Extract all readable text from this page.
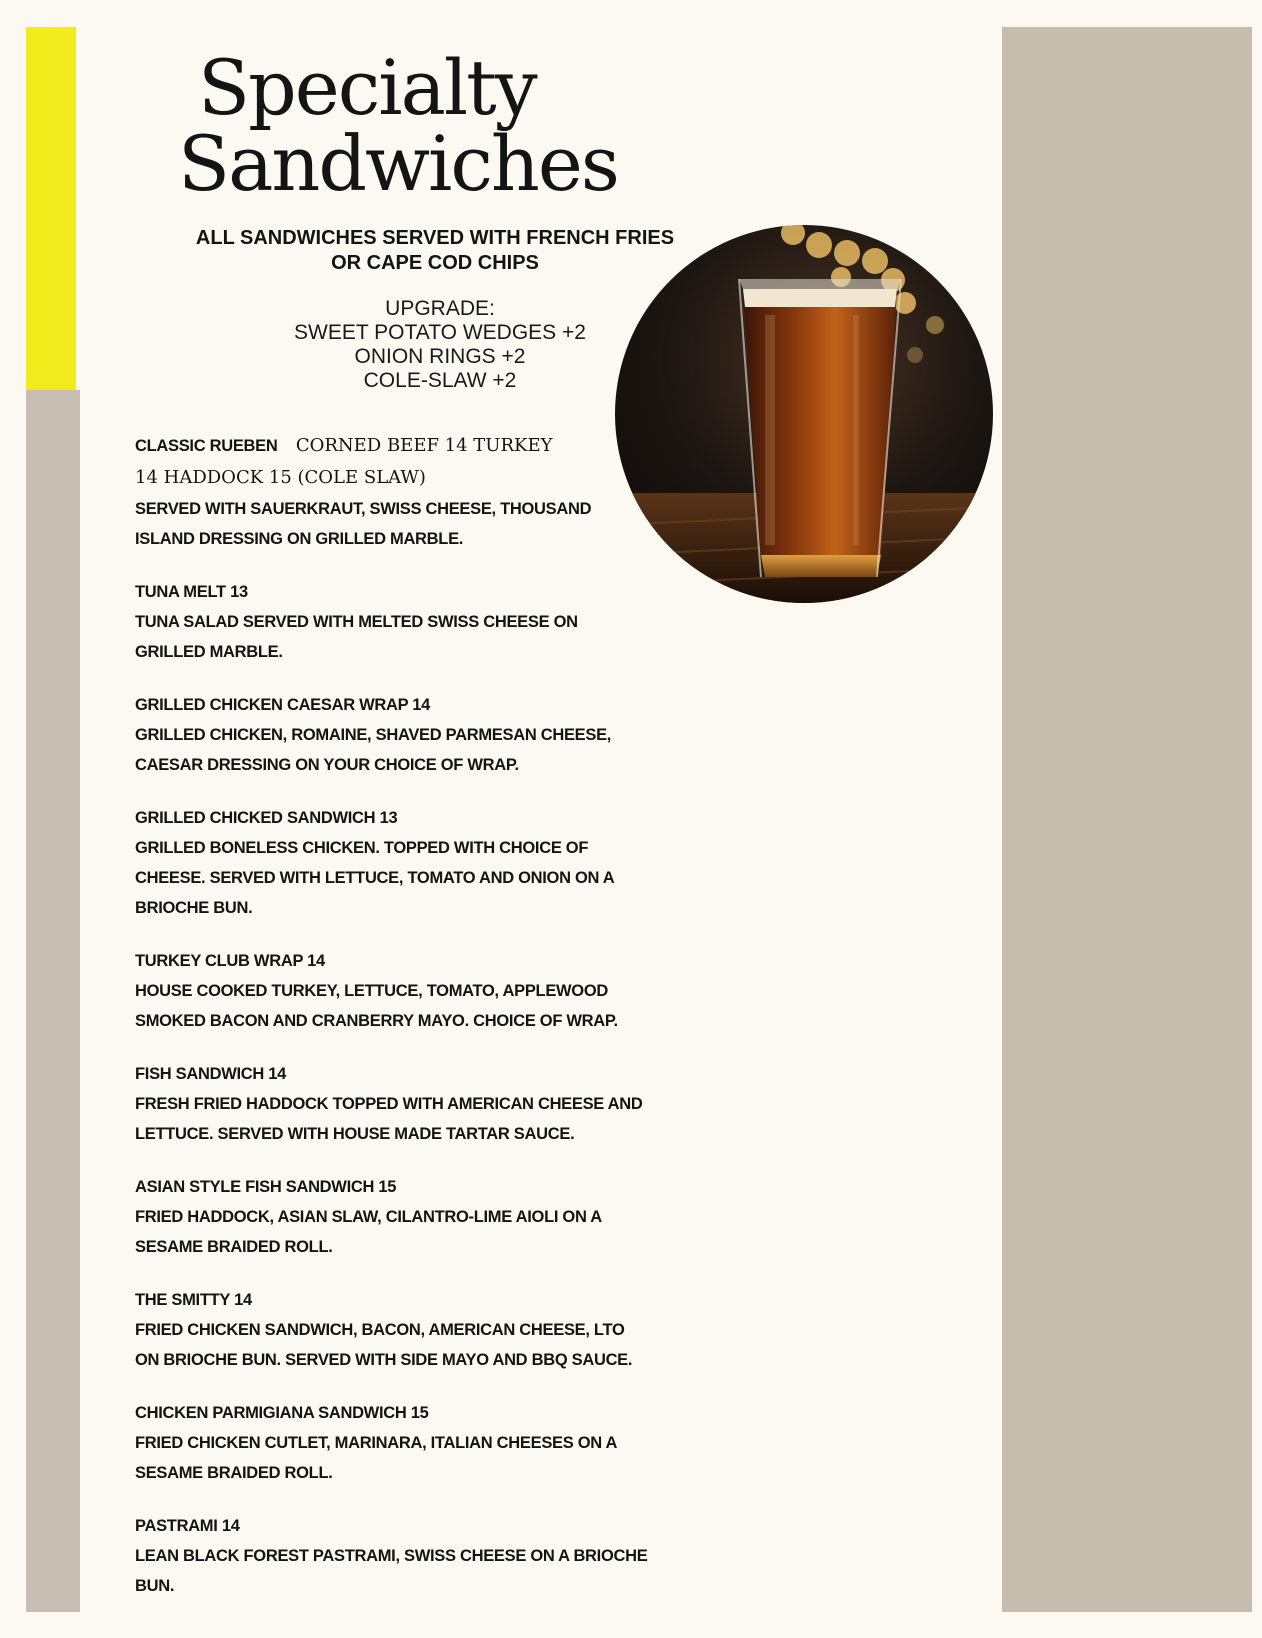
Specialty
Sandwiches
ALL SANDWICHES SERVED WITH FRENCH FRIES
OR CAPE COD CHIPS
UPGRADE:
SWEET POTATO WEDGES +2
ONION RINGS +2
COLE-SLAW +2
CLASSIC RUEBEN CORNED BEEF 14 TURKEY
14 HADDOCK 15 (COLE SLAW)
SERVED WITH SAUERKRAUT, SWISS CHEESE, THOUSAND
ISLAND DRESSING ON GRILLED MARBLE.
TUNA MELT 13
TUNA SALAD SERVED WITH MELTED SWISS CHEESE ON
GRILLED MARBLE.
GRILLED CHICKEN CAESAR WRAP 14
GRILLED CHICKEN, ROMAINE, SHAVED PARMESAN CHEESE,
CAESAR DRESSING ON YOUR CHOICE OF WRAP.
GRILLED CHICKED SANDWICH 13
GRILLED BONELESS CHICKEN. TOPPED WITH CHOICE OF
CHEESE. SERVED WITH LETTUCE, TOMATO AND ONION ON A
BRIOCHE BUN.
TURKEY CLUB WRAP 14
HOUSE COOKED TURKEY, LETTUCE, TOMATO, APPLEWOOD
SMOKED BACON AND CRANBERRY MAYO. CHOICE OF WRAP.
FISH SANDWICH 14
FRESH FRIED HADDOCK TOPPED WITH AMERICAN CHEESE AND
LETTUCE. SERVED WITH HOUSE MADE TARTAR SAUCE.
ASIAN STYLE FISH SANDWICH 15
FRIED HADDOCK, ASIAN SLAW, CILANTRO-LIME AIOLI ON A
SESAME BRAIDED ROLL.
THE SMITTY 14
FRIED CHICKEN SANDWICH, BACON, AMERICAN CHEESE, LTO
ON BRIOCHE BUN. SERVED WITH SIDE MAYO AND BBQ SAUCE.
CHICKEN PARMIGIANA SANDWICH 15
FRIED CHICKEN CUTLET, MARINARA, ITALIAN CHEESES ON A
SESAME BRAIDED ROLL.
PASTRAMI 14
LEAN BLACK FOREST PASTRAMI, SWISS CHEESE ON A BRIOCHE
BUN.
